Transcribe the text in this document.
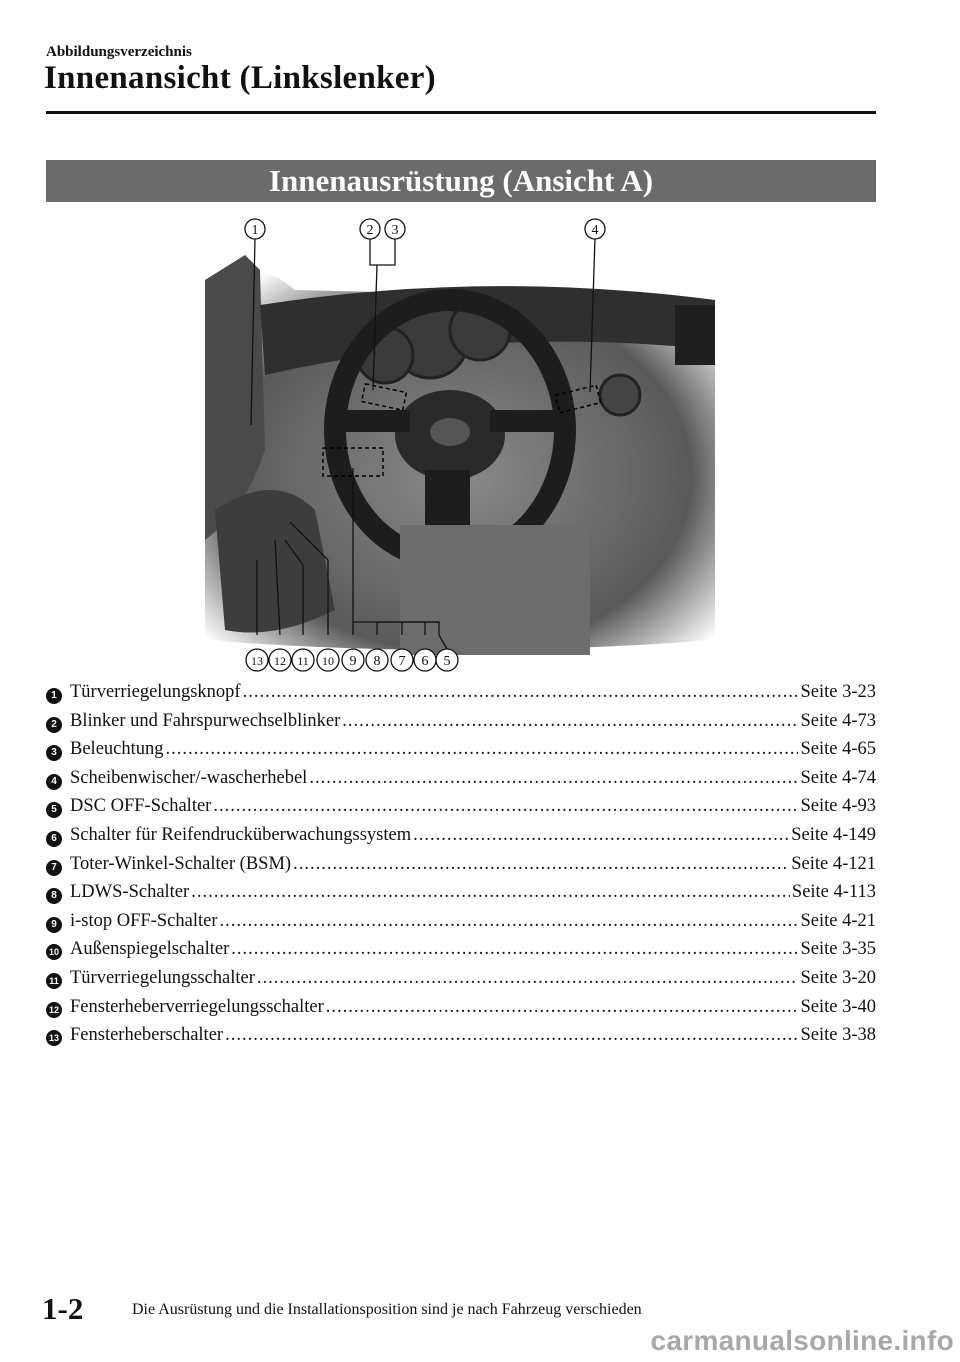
Abbildungsverzeichnis
Innenansicht (Linkslenker)
Innenausrüstung (Ansicht A)
1	2 3	4
13 12 11 10 9 8 7 6 5
1 Türverriegelungsknopf .....	Seite 3-23
2 Blinker und Fahrspurwechselblinker .....	Seite 4-73
3 Beleuchtung .....	Seite 4-65
4 Scheibenwischer/-wascherhebel .....	Seite 4-74
5 DSC OFF-Schalter .....	Seite 4-93
6 Schalter für Reifendrucküberwachungssystem .....	Seite 4-149
7 Toter-Winkel-Schalter (BSM) .....	Seite 4-121
8 LDWS-Schalter .....	Seite 4-113
9 i-stop OFF-Schalter .....	Seite 4-21
10 Außenspiegelschalter .....	Seite 3-35
11 Türverriegelungsschalter .....	Seite 3-20
12 Fensterheberverriegelungsschalter .....	Seite 3-40
13 Fensterheberschalter .....	Seite 3-38
1-2	Die Ausrüstung und die Installationsposition sind je nach Fahrzeug verschieden
carmanualsonline.info
